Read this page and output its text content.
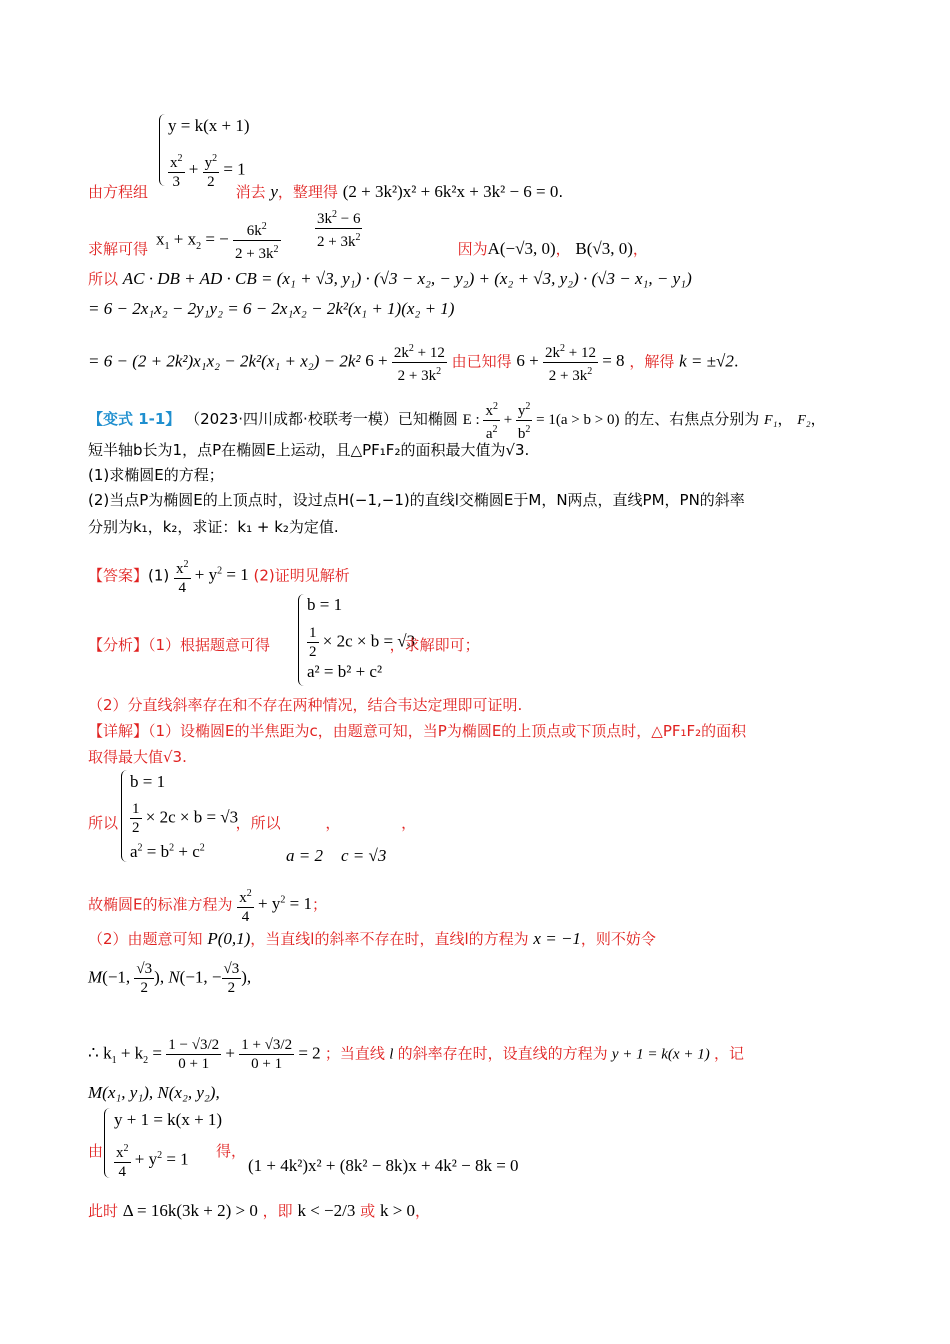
y = k(x + 1)
$\frac{x^2}{3} + \frac{y^2}{2} = 1$
由方程组	消去 y，整理得 (2 + 3k²)x² + 6k²x + 3k² − 6 = 0.
$x_1 + x_2$ = − $\frac{6k^2}{2 + 3k^2} \frac{3k^2 - 6}{2 + 3k^2}$
求解可得	因为A(−√3, 0)， B(√3, 0)，
所以 AC · DB + AD · CB = (x₁ + √3, y₁) · (√3 − x₂, − y₂) + (x₂ + √3, y₂) · (√3 − x₁, − y₁)
= 6 − 2x₁x₂ − 2y₁y₂ = 6 − 2x₁x₂ − 2k²(x₁ + 1)(x₂ + 1)
= 6 − (2 + 2k²)x₁x₂ − 2k²(x₁ + x₂) − 2k² $6 + \frac{2k^2 + 12}{2 + 3k^2}$ 由已知得 $6 + \frac{2k^2 + 12}{2 + 3k^2} = 8$ ，解得 k = ±√2.
【变式 1-1】 （2023·四川成都·校联考一模）已知椭圆 E : $\frac{x^2}{a^2} + \frac{y^2}{b^2} = 1(a > b > 0)$ 的左、右焦点分别为 F₁， F₂，
短半轴b长为1，点P在椭圆E上运动，且△PF₁F₂的面积最大值为√3.
(1)求椭圆E的方程；
(2)当点P为椭圆E的上顶点时，设过点H(−1,−1)的直线l交椭圆E于M，N两点，直线PM，PN的斜率
分别为k₁，k₂，求证：k₁ + k₂为定值.
【答案】$(1) \frac{x^2}{4} + y^2 = 1$ (2)证明见解析
b = 1
$\frac{1}{2} \times 2c \times b = √3$
a² = b² + c²
【分析】（1）根据题意可得	，求解即可；
（2）分直线斜率存在和不存在两种情况，结合韦达定理即可证明.
【详解】（1）设椭圆E的半焦距为c，由题意可知，当P为椭圆E的上顶点或下顶点时，△PF₁F₂的面积
取得最大值√3.
b = 1
$\frac{1}{2} \times 2c \times b = √3$
$a^2 = b^2 + c^2$
所以	，所以	，	，
a = 2 c = √3
故椭圆E的标准方程为 $\frac{x^2}{4} + y^2 = 1$；
（2）由题意可知 P(0,1)，当直线l的斜率不存在时，直线l的方程为 x = −1，则不妨令
M(−1, $\frac{√3}{2}$ ), N(−1, − $\frac{√3}{2}$ ),
∴ $k_1 + k_2 = \frac{1 - √3/2}{0 + 1} + \frac{1 + √3/2}{0 + 1} = 2$ ；当直线 l 的斜率存在时，设直线的方程为 y + 1 = k(x + 1) ，记
M(x₁, y₁), N(x₂, y₂),
y + 1 = k(x + 1)
$\frac{x^2}{4} + y^2 = 1$
由	得，
(1 + 4k²)x² + (8k² − 8k)x + 4k² − 8k = 0
此时 Δ = 16k(3k + 2) > 0 ，即 k < −2/3 或 k > 0，
